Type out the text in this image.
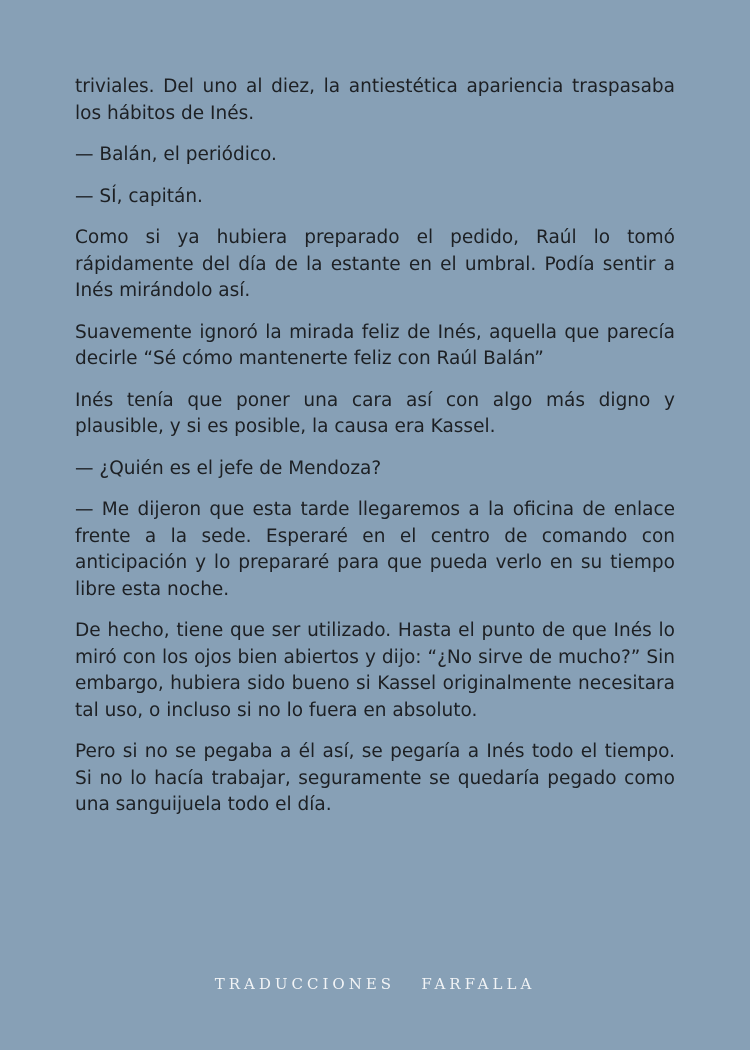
triviales. Del uno al diez, la antiestética apariencia traspasaba los hábitos de Inés.

— Balán, el periódico.

— SÍ, capitán.

Como si ya hubiera preparado el pedido, Raúl lo tomó rápidamente del día de la estante en el umbral. Podía sentir a Inés mirándolo así.

Suavemente ignoró la mirada feliz de Inés, aquella que parecía decirle “Sé cómo mantenerte feliz con Raúl Balán”

Inés tenía que poner una cara así con algo más digno y plausible, y si es posible, la causa era Kassel.

— ¿Quién es el jefe de Mendoza?

— Me dijeron que esta tarde llegaremos a la oficina de enlace frente a la sede. Esperaré en el centro de comando con anticipación y lo prepararé para que pueda verlo en su tiempo libre esta noche.

De hecho, tiene que ser utilizado. Hasta el punto de que Inés lo miró con los ojos bien abiertos y dijo: “¿No sirve de mucho?” Sin embargo, hubiera sido bueno si Kassel originalmente necesitara tal uso, o incluso si no lo fuera en absoluto.

Pero si no se pegaba a él así, se pegaría a Inés todo el tiempo. Si no lo hacía trabajar, seguramente se quedaría pegado como una sanguijuela todo el día.

TRADUCCIONES   FARFALLA
